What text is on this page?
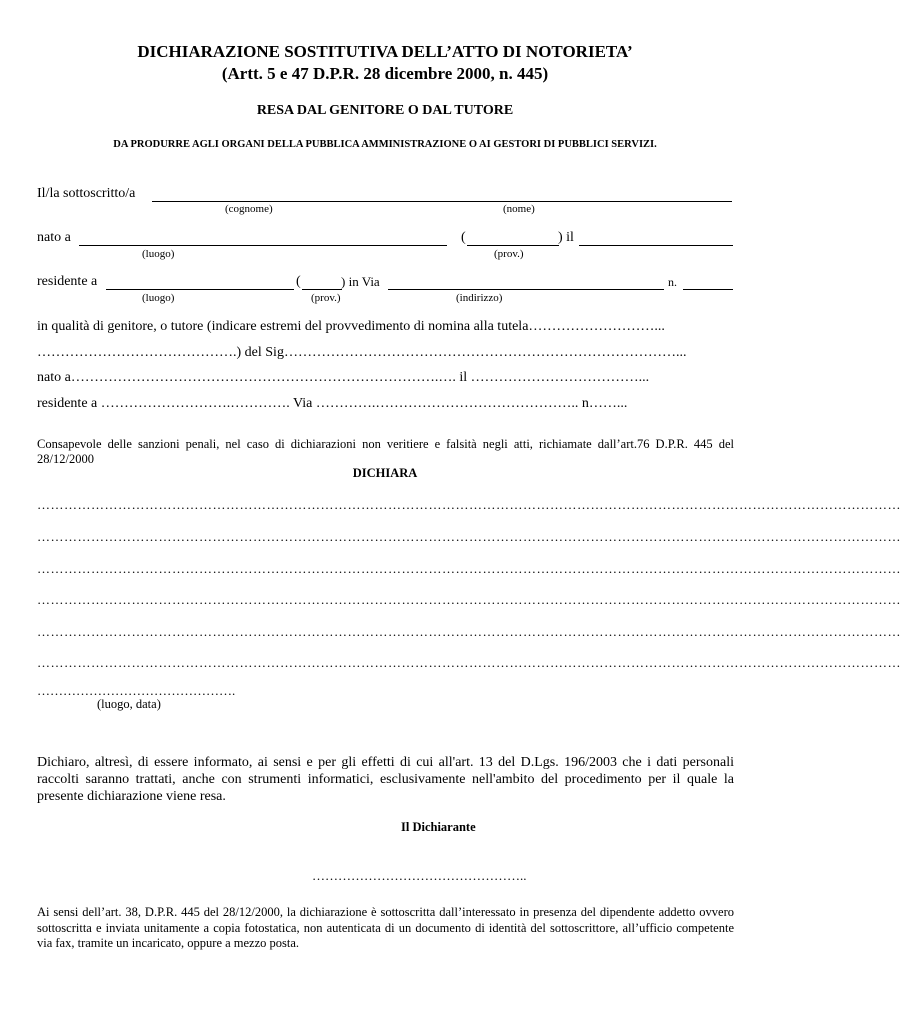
DICHIARAZIONE SOSTITUTIVA DELL’ATTO DI NOTORIETA’
(Artt. 5 e 47 D.P.R. 28 dicembre 2000, n. 445)
RESA DAL GENITORE O DAL TUTORE
DA PRODURRE AGLI ORGANI DELLA PUBBLICA AMMINISTRAZIONE O AI GESTORI DI PUBBLICI SERVIZI.
Il/la sottoscritto/a
(cognome)	(nome)
nato a	(	) il
(luogo)	(prov.)
residente a	(	) in Via	n.
(luogo)	(prov.)	(indirizzo)
in qualità di genitore, o tutore (indicare estremi del provvedimento di nomina alla tutela………………………...
…………………………………….) del Sig…………………………………………………………………………...
nato a…………………………………………………………………….…. il ………………………………...
residente a ……………………….…………. Via ………….…………………………………….. n……...
Consapevole delle sanzioni penali, nel caso di dichiarazioni non veritiere e falsità negli atti, richiamate dall’art.76 D.P.R. 445 del 28/12/2000
DICHIARA
…………………………………………………………………………………………………………………………………………………………………………
…………………………………………………………………………………………………………………………………………………………………………
…………………………………………………………………………………………………………………………………………………………………………
…………………………………………………………………………………………………………………………………………………………………………
…………………………………………………………………………………………………………………………………………………………………………
…………………………………………………………………………………………………………………………………………………………………………
……………………………………….
(luogo, data)
Dichiaro, altresì, di essere informato, ai sensi e per gli effetti di cui all'art. 13 del D.Lgs. 196/2003 che i dati personali raccolti saranno trattati, anche con strumenti informatici, esclusivamente nell'ambito del procedimento per il quale la presente dichiarazione viene resa.
Il Dichiarante
…………………………………………..
Ai sensi dell’art. 38, D.P.R. 445 del 28/12/2000, la dichiarazione è sottoscritta dall’interessato in presenza del dipendente addetto ovvero sottoscritta e inviata unitamente a copia fotostatica, non autenticata di un documento di identità del sottoscrittore, all’ufficio competente via fax, tramite un incaricato, oppure a mezzo posta.
